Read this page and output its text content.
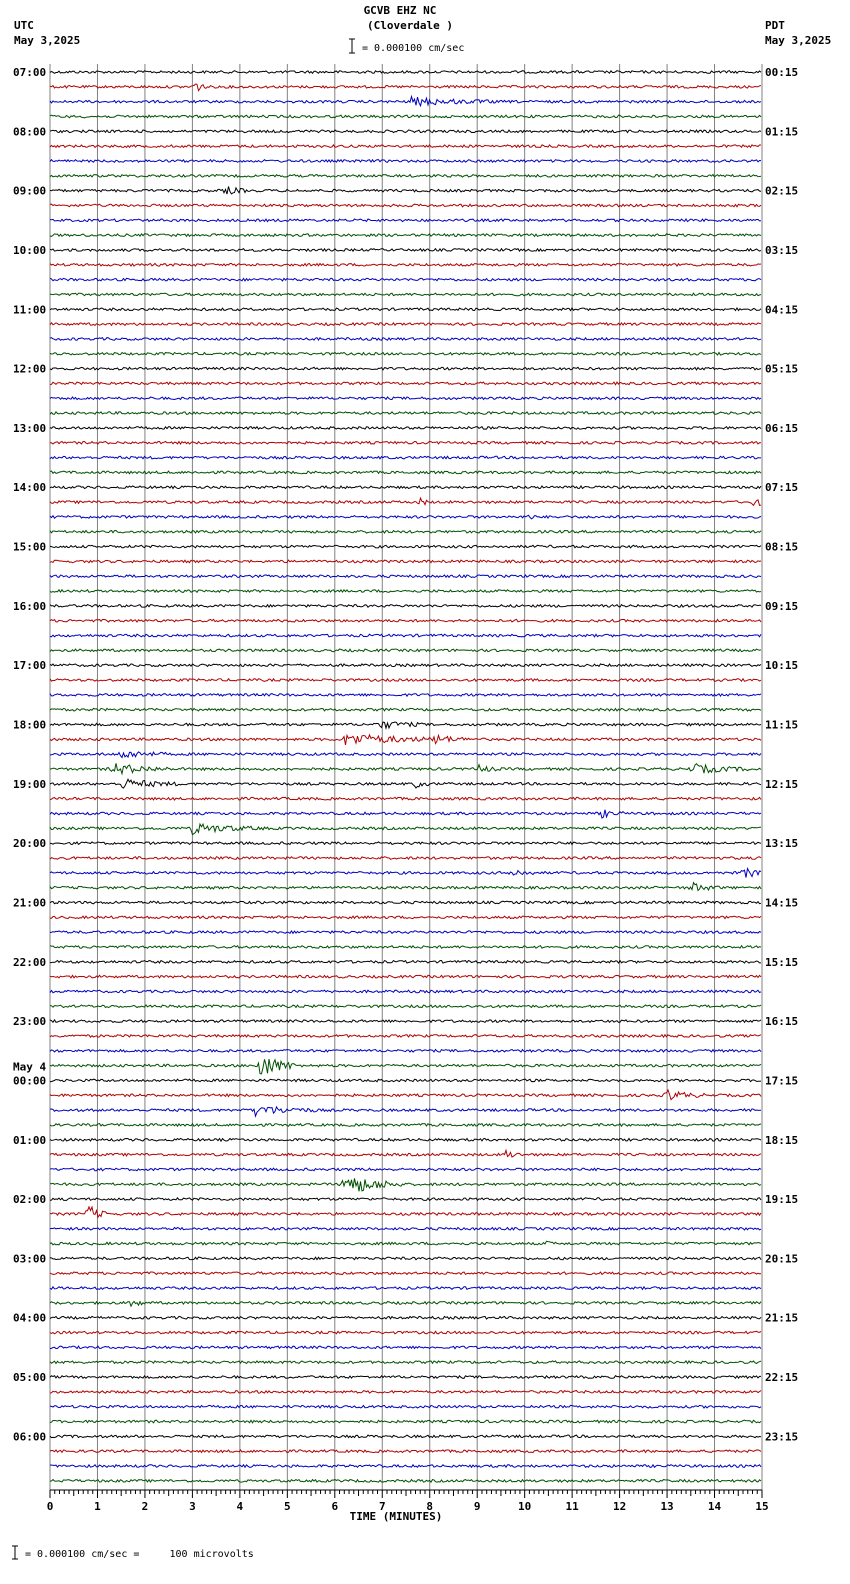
GCVB EHZ NC
(Cloverdale )
= 0.000100 cm/sec
UTC
May 3,2025
PDT
May 3,2025
= 0.000100 cm/sec =     100 microvolts
0	1	2	3	4	5	6	7	8	9	10	11	12	13	14	15
TIME (MINUTES)
07:00
08:00
09:00
10:00
11:00
12:00
13:00
14:00
15:00
16:00
17:00
18:00
19:00
20:00
21:00
22:00
23:00
00:00
May 4
01:00
02:00
03:00
04:00
05:00
06:00
00:15
01:15
02:15
03:15
04:15
05:15
06:15
07:15
08:15
09:15
10:15
11:15
12:15
13:15
14:15
15:15
16:15
17:15
18:15
19:15
20:15
21:15
22:15
23:15
